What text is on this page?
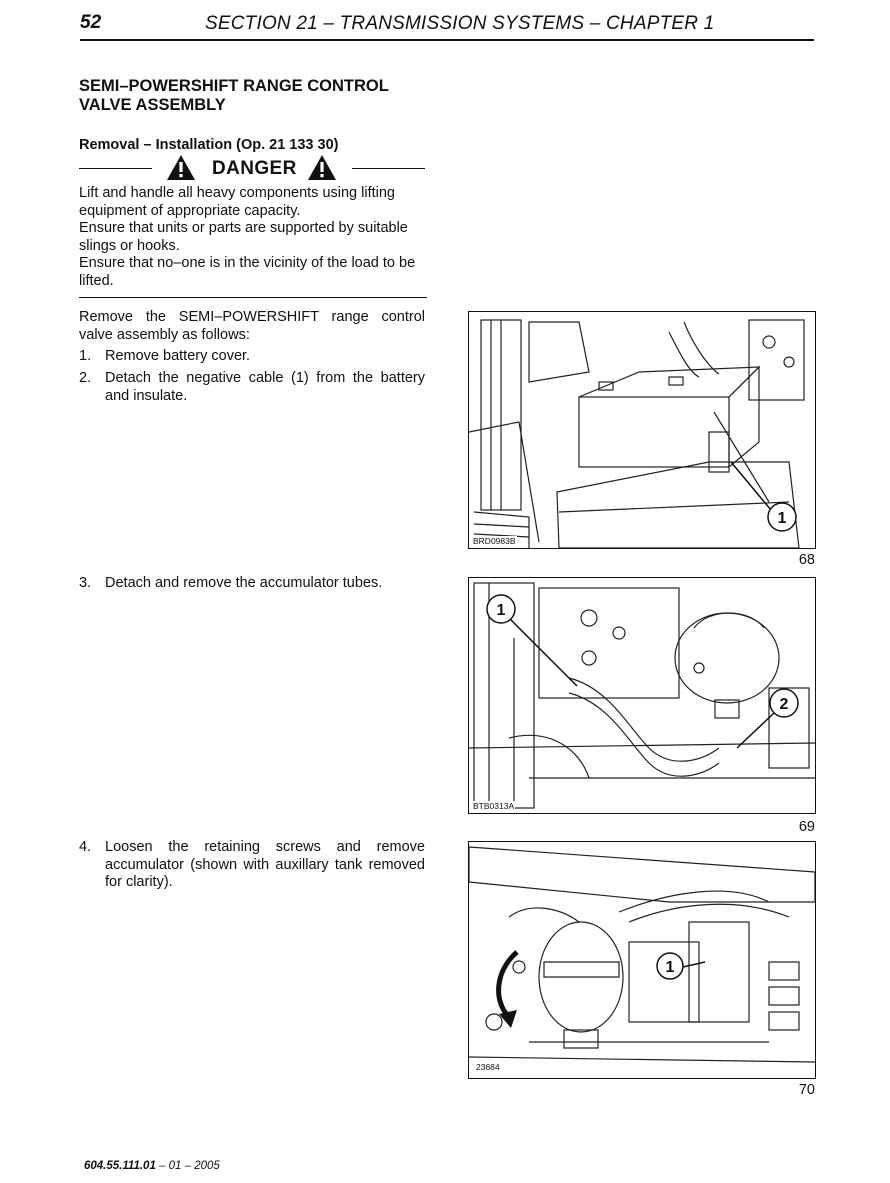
52	SECTION 21 – TRANSMISSION SYSTEMS – CHAPTER 1
SEMI–POWERSHIFT RANGE CONTROL
VALVE ASSEMBLY
Removal – Installation (Op. 21 133 30)
DANGER

Lift and handle all heavy components using lifting equipment of appropriate capacity.

Ensure that units or parts are supported by suitable slings or hooks.

Ensure that no–one is in the vicinity of the load to be lifted.

Remove the SEMI–POWERSHIFT range control valve assembly as follows:
1. Remove battery cover.
2. Detach the negative cable (1) from the battery and insulate.
3. Detach and remove the accumulator tubes.
4. Loosen the retaining screws and remove accumulator (shown with auxillary tank removed for clarity).
1
BRD0983B
68
1
2
BTB0313A
69
1
23684
70
604.55.111.01 – 01 – 2005
